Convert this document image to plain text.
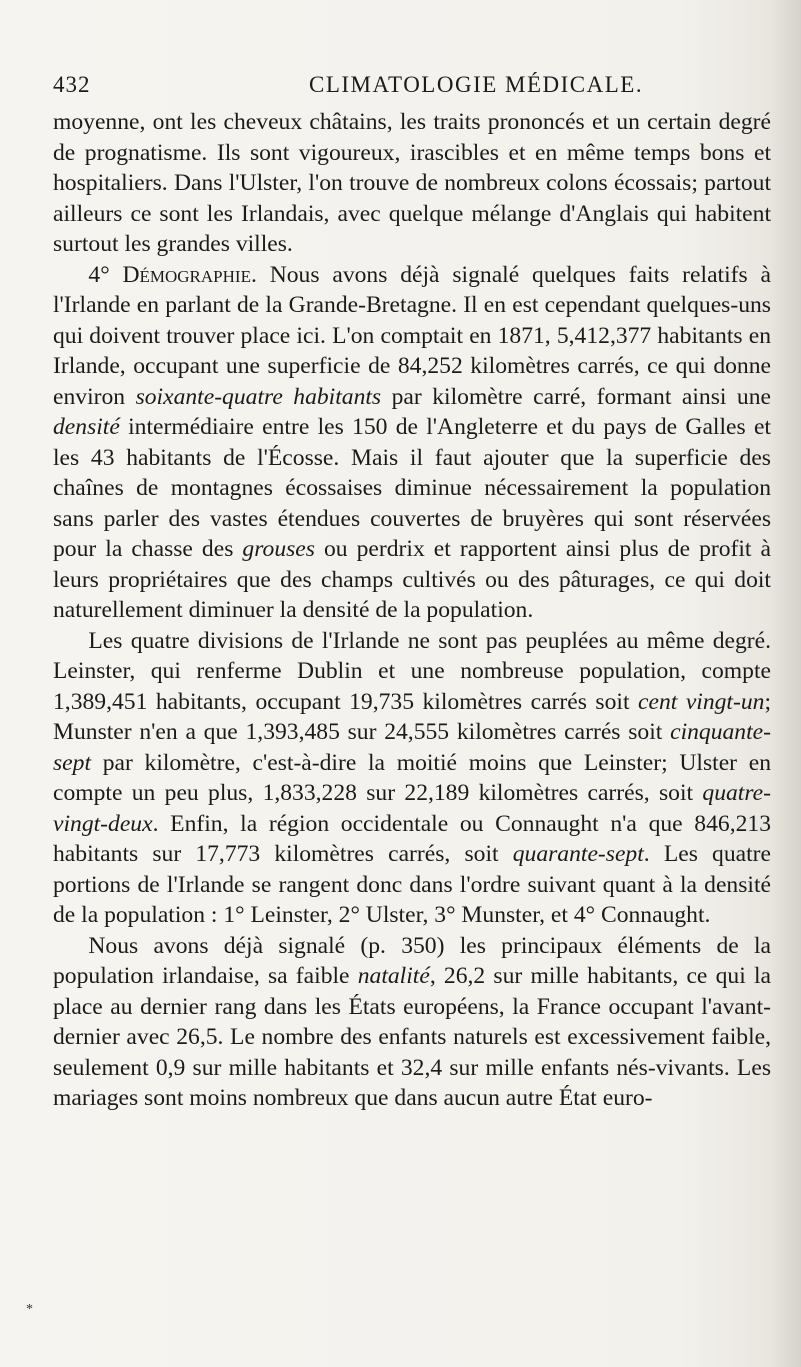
432	CLIMATOLOGIE MÉDICALE.

moyenne, ont les cheveux châtains, les traits prononcés et un certain degré de prognatisme. Ils sont vigoureux, irascibles et en même temps bons et hospitaliers. Dans l'Ulster, l'on trouve de nombreux colons écossais; partout ailleurs ce sont les Irlandais, avec quelque mélange d'Anglais qui habitent surtout les grandes villes.

4° Démographie. Nous avons déjà signalé quelques faits relatifs à l'Irlande en parlant de la Grande-Bretagne. Il en est cependant quelques-uns qui doivent trouver place ici. L'on comptait en 1871, 5,412,377 habitants en Irlande, occupant une superficie de 84,252 kilomètres carrés, ce qui donne environ soixante-quatre habitants par kilomètre carré, formant ainsi une densité intermédiaire entre les 150 de l'Angleterre et du pays de Galles et les 43 habitants de l'Écosse. Mais il faut ajouter que la superficie des chaînes de montagnes écossaises diminue nécessairement la population sans parler des vastes étendues couvertes de bruyères qui sont réservées pour la chasse des grouses ou perdrix et rapportent ainsi plus de profit à leurs propriétaires que des champs cultivés ou des pâturages, ce qui doit naturellement diminuer la densité de la population.

Les quatre divisions de l'Irlande ne sont pas peuplées au même degré. Leinster, qui renferme Dublin et une nombreuse population, compte 1,389,451 habitants, occupant 19,735 kilomètres carrés soit cent vingt-un; Munster n'en a que 1,393,485 sur 24,555 kilomètres carrés soit cinquante-sept par kilomètre, c'est-à-dire la moitié moins que Leinster; Ulster en compte un peu plus, 1,833,228 sur 22,189 kilomètres carrés, soit quatre-vingt-deux. Enfin, la région occidentale ou Connaught n'a que 846,213 habitants sur 17,773 kilomètres carrés, soit quarante-sept. Les quatre portions de l'Irlande se rangent donc dans l'ordre suivant quant à la densité de la population : 1° Leinster, 2° Ulster, 3° Munster, et 4° Connaught.

Nous avons déjà signalé (p. 350) les principaux éléments de la population irlandaise, sa faible natalité, 26,2 sur mille habitants, ce qui la place au dernier rang dans les États européens, la France occupant l'avant-dernier avec 26,5. Le nombre des enfants naturels est excessivement faible, seulement 0,9 sur mille habitants et 32,4 sur mille enfants nés-vivants. Les mariages sont moins nombreux que dans aucun autre État euro-

*
